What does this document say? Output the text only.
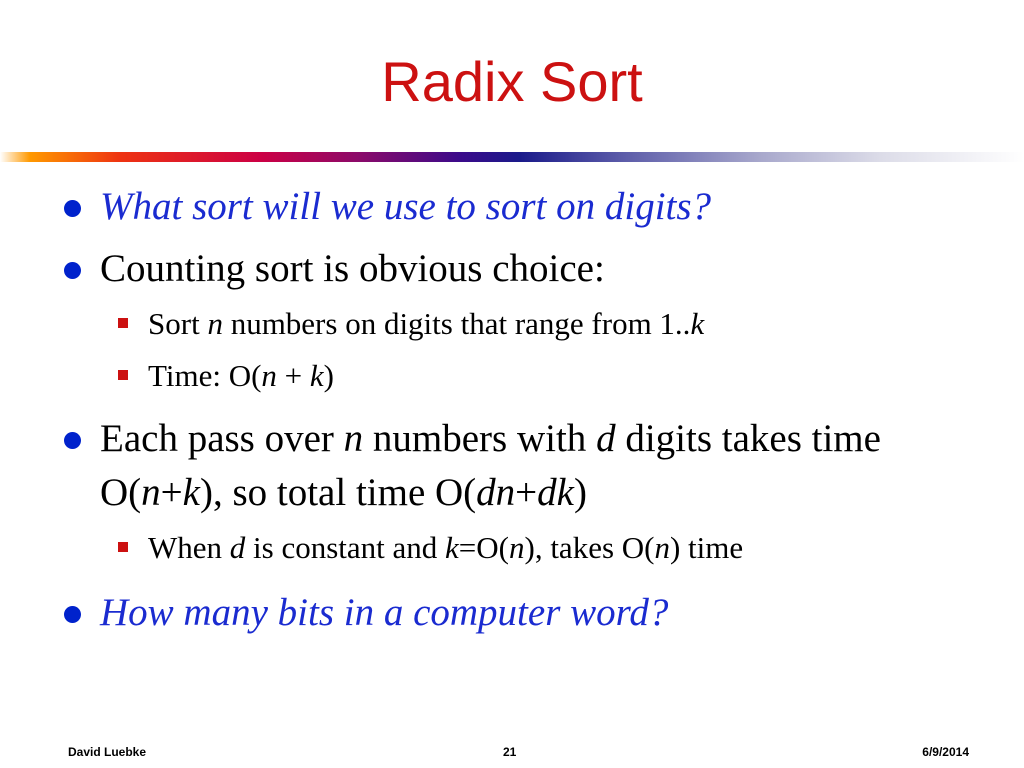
Radix Sort
What sort will we use to sort on digits?
Counting sort is obvious choice:
Sort n numbers on digits that range from 1..k
Time: O(n + k)
Each pass over n numbers with d digits takes time O(n+k), so total time O(dn+dk)
When d is constant and k=O(n), takes O(n) time
How many bits in a computer word?
David Luebke	21	6/9/2014
